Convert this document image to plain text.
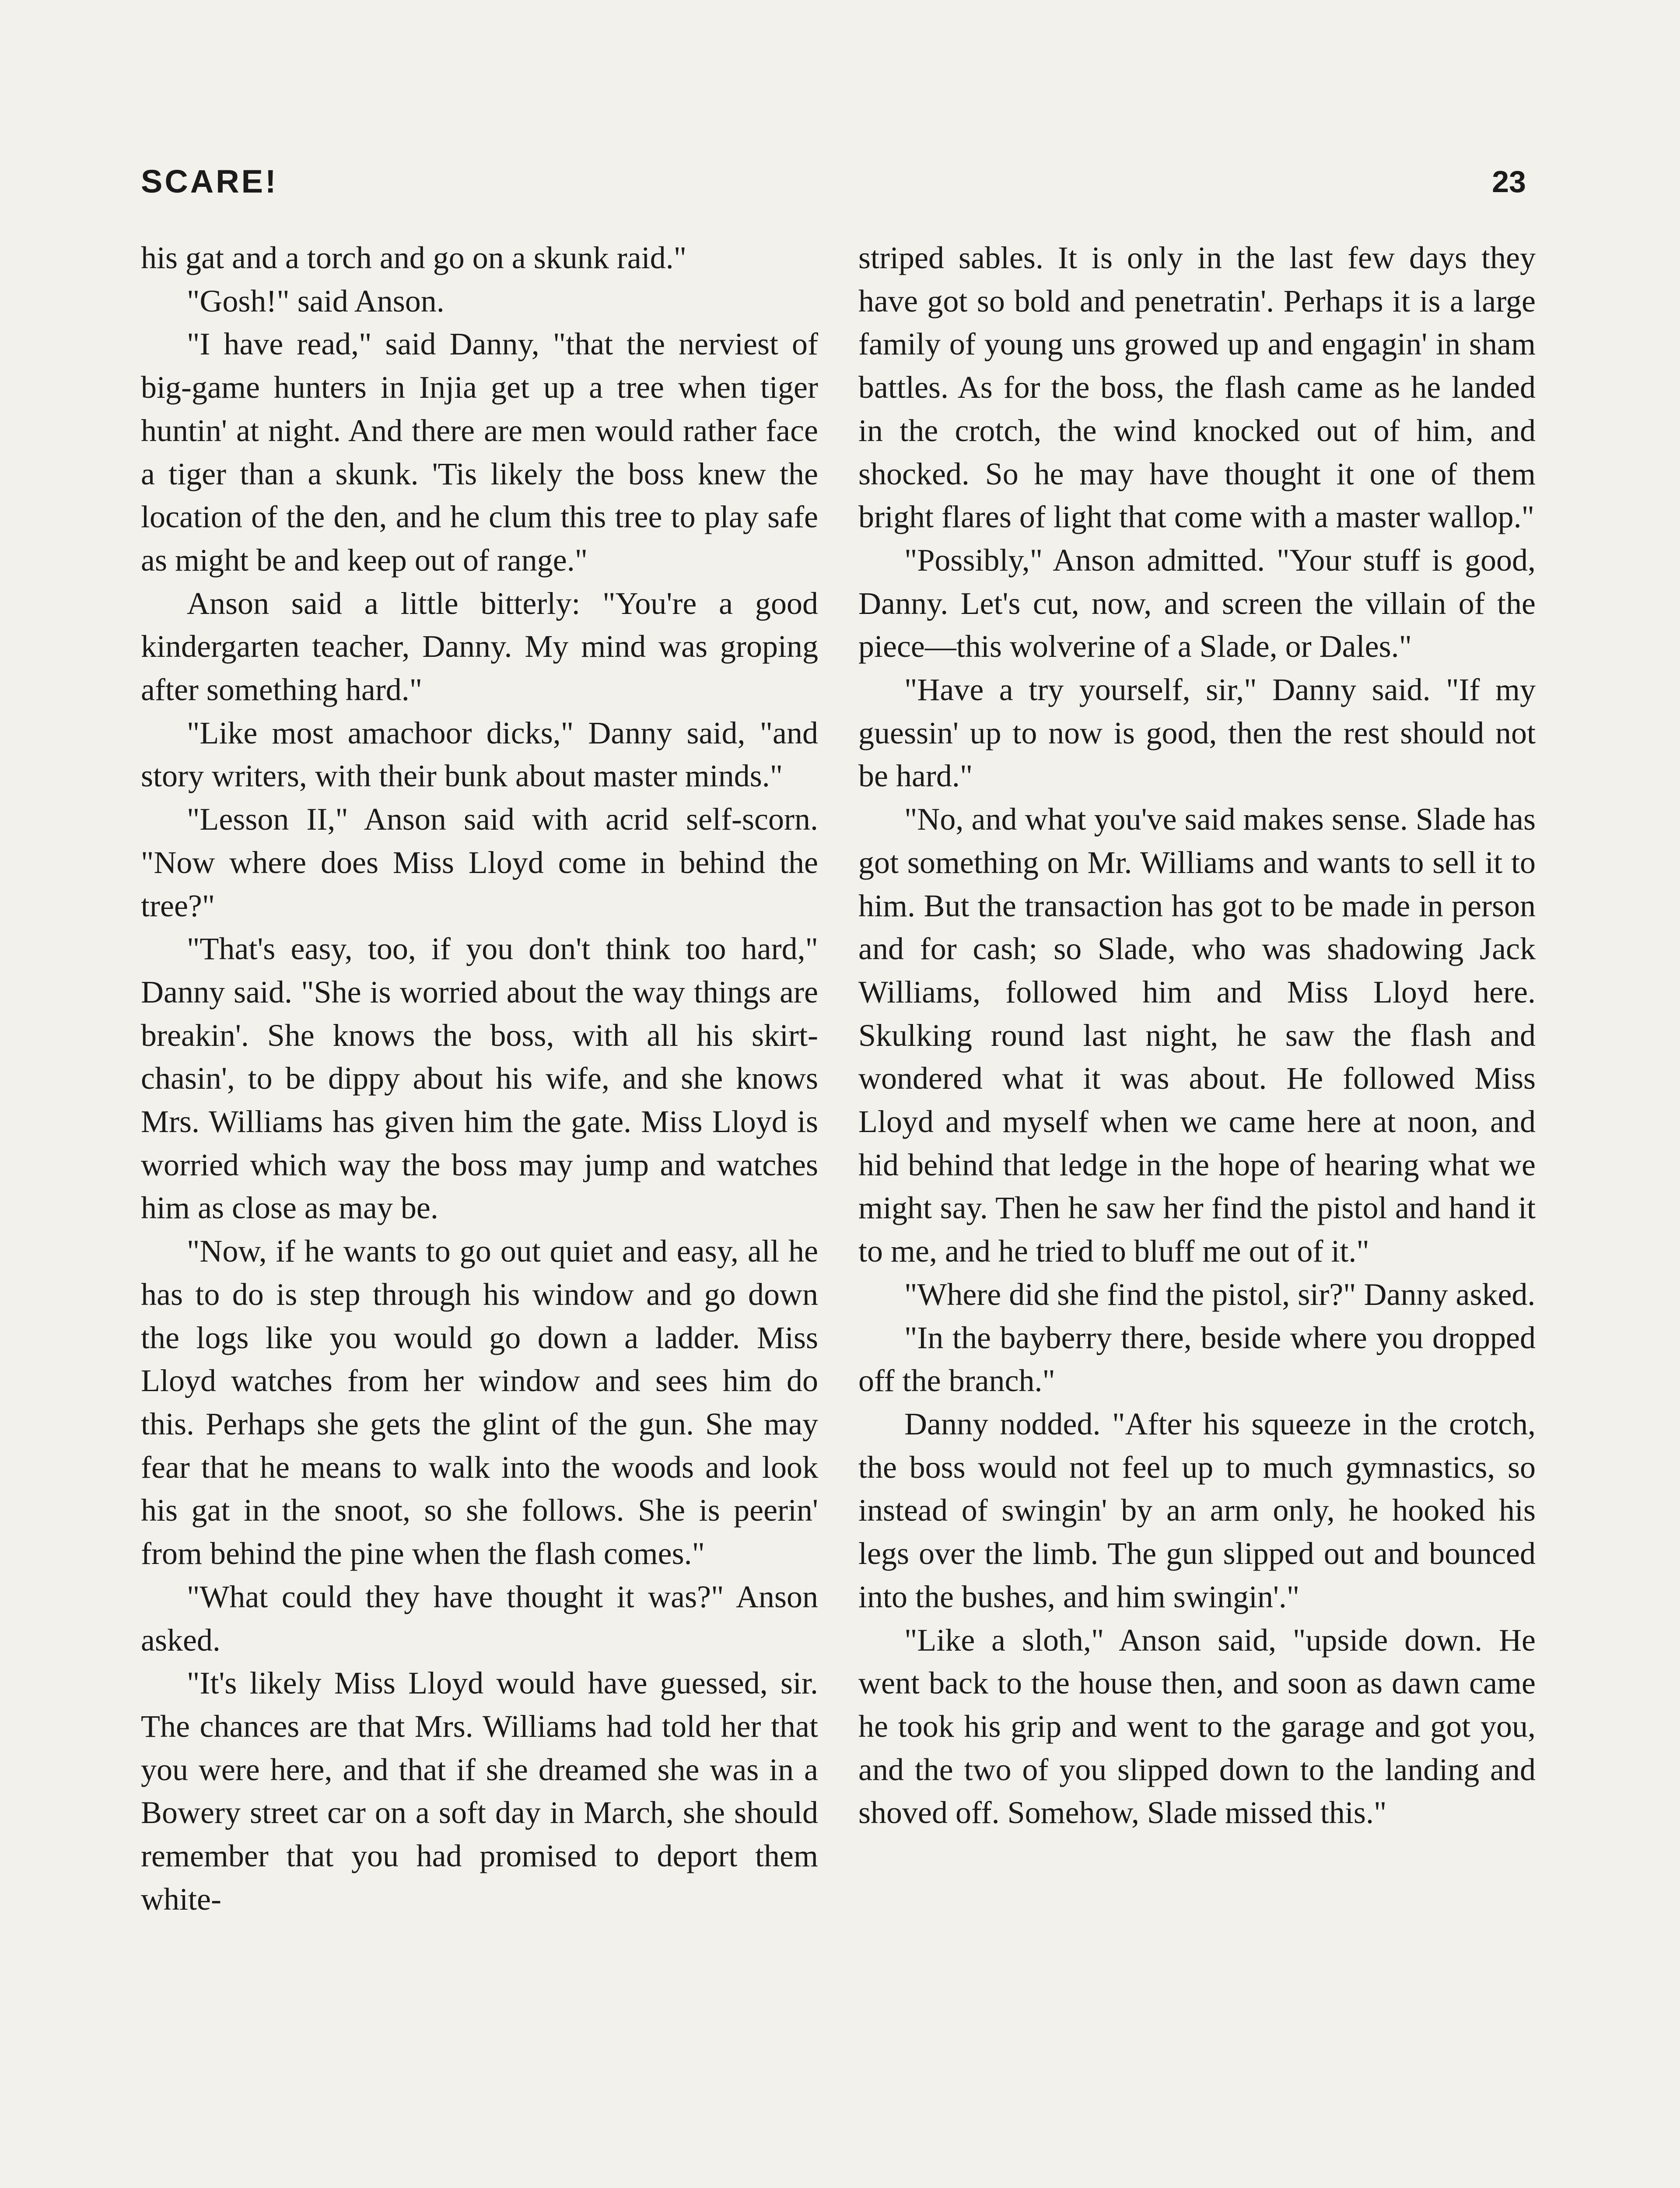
SCARE!	23

his gat and a torch and go on a skunk raid."

"Gosh!" said Anson.

"I have read," said Danny, "that the nerviest of big-game hunters in Injia get up a tree when tiger huntin' at night. And there are men would rather face a tiger than a skunk. 'Tis likely the boss knew the location of the den, and he clum this tree to play safe as might be and keep out of range."

Anson said a little bitterly: "You're a good kindergarten teacher, Danny. My mind was groping after something hard."

"Like most amachoor dicks," Danny said, "and story writers, with their bunk about master minds."

"Lesson II," Anson said with acrid self-scorn. "Now where does Miss Lloyd come in behind the tree?"

"That's easy, too, if you don't think too hard," Danny said. "She is worried about the way things are breakin'. She knows the boss, with all his skirt-chasin', to be dippy about his wife, and she knows Mrs. Williams has given him the gate. Miss Lloyd is worried which way the boss may jump and watches him as close as may be.

"Now, if he wants to go out quiet and easy, all he has to do is step through his window and go down the logs like you would go down a ladder. Miss Lloyd watches from her window and sees him do this. Perhaps she gets the glint of the gun. She may fear that he means to walk into the woods and look his gat in the snoot, so she follows. She is peerin' from behind the pine when the flash comes."

"What could they have thought it was?" Anson asked.

"It's likely Miss Lloyd would have guessed, sir. The chances are that Mrs. Williams had told her that you were here, and that if she dreamed she was in a Bowery street car on a soft day in March, she should remember that you had promised to deport them white-

striped sables. It is only in the last few days they have got so bold and penetratin'. Perhaps it is a large family of young uns growed up and engagin' in sham battles. As for the boss, the flash came as he landed in the crotch, the wind knocked out of him, and shocked. So he may have thought it one of them bright flares of light that come with a master wallop."

"Possibly," Anson admitted. "Your stuff is good, Danny. Let's cut, now, and screen the villain of the piece—this wolverine of a Slade, or Dales."

"Have a try yourself, sir," Danny said. "If my guessin' up to now is good, then the rest should not be hard."

"No, and what you've said makes sense. Slade has got something on Mr. Williams and wants to sell it to him. But the transaction has got to be made in person and for cash; so Slade, who was shadowing Jack Williams, followed him and Miss Lloyd here. Skulking round last night, he saw the flash and wondered what it was about. He followed Miss Lloyd and myself when we came here at noon, and hid behind that ledge in the hope of hearing what we might say. Then he saw her find the pistol and hand it to me, and he tried to bluff me out of it."

"Where did she find the pistol, sir?" Danny asked.

"In the bayberry there, beside where you dropped off the branch."

Danny nodded. "After his squeeze in the crotch, the boss would not feel up to much gymnastics, so instead of swingin' by an arm only, he hooked his legs over the limb. The gun slipped out and bounced into the bushes, and him swingin'."

"Like a sloth," Anson said, "upside down. He went back to the house then, and soon as dawn came he took his grip and went to the garage and got you, and the two of you slipped down to the landing and shoved off. Somehow, Slade missed this."
